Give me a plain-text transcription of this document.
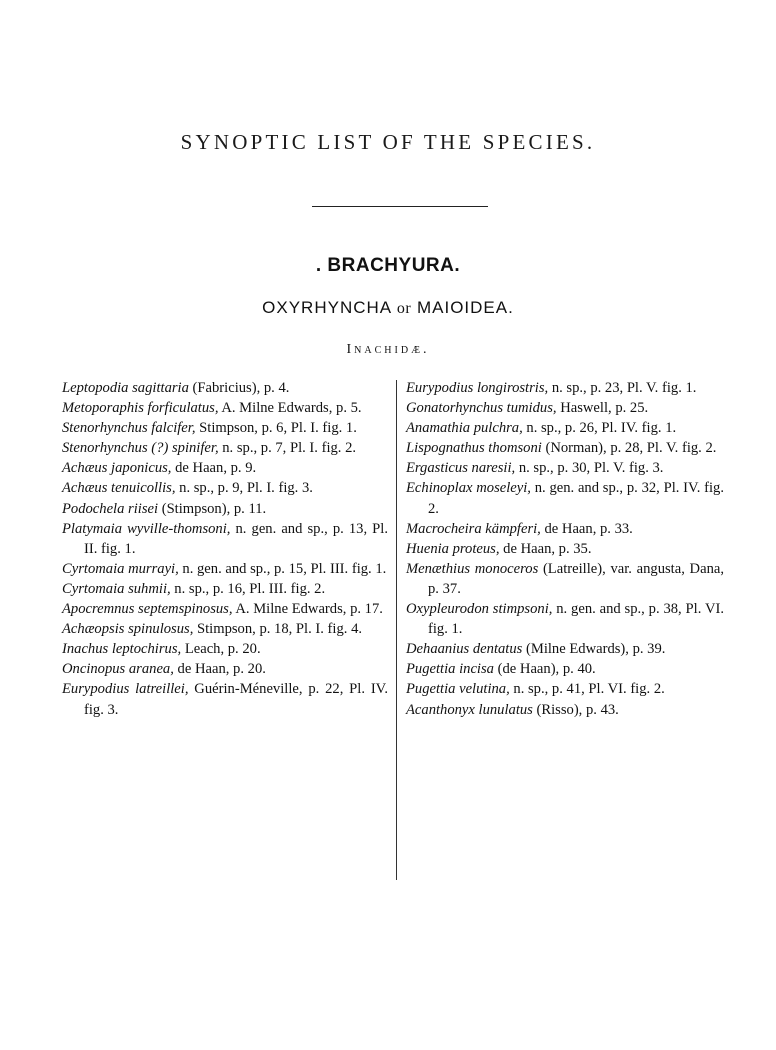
SYNOPTIC LIST OF THE SPECIES.
. BRACHYURA.
OXYRHYNCHA or MAIOIDEA.
Inachidæ.
Leptopodia sagittaria (Fabricius), p. 4.
Metoporaphis forficulatus, A. Milne Edwards, p. 5.
Stenorhynchus falcifer, Stimpson, p. 6, Pl. I. fig. 1.
Stenorhynchus (?) spinifer, n. sp., p. 7, Pl. I. fig. 2.
Achæus japonicus, de Haan, p. 9.
Achæus tenuicollis, n. sp., p. 9, Pl. I. fig. 3.
Podochela riisei (Stimpson), p. 11.
Platymaia wyville-thomsoni, n. gen. and sp., p. 13, Pl. II. fig. 1.
Cyrtomaia murrayi, n. gen. and sp., p. 15, Pl. III. fig. 1.
Cyrtomaia suhmii, n. sp., p. 16, Pl. III. fig. 2.
Apocremnus septemspinosus, A. Milne Edwards, p. 17.
Achæopsis spinulosus, Stimpson, p. 18, Pl. I. fig. 4.
Inachus leptochirus, Leach, p. 20.
Oncinopus aranea, de Haan, p. 20.
Eurypodius latreillei, Guérin-Méneville, p. 22, Pl. IV. fig. 3.
Eurypodius longirostris, n. sp., p. 23, Pl. V. fig. 1.
Gonatorhynchus tumidus, Haswell, p. 25.
Anamathia pulchra, n. sp., p. 26, Pl. IV. fig. 1.
Lispognathus thomsoni (Norman), p. 28, Pl. V. fig. 2.
Ergasticus naresii, n. sp., p. 30, Pl. V. fig. 3.
Echinoplax moseleyi, n. gen. and sp., p. 32, Pl. IV. fig. 2.
Macrocheira kämpferi, de Haan, p. 33.
Huenia proteus, de Haan, p. 35.
Menæthius monoceros (Latreille), var. angusta, Dana, p. 37.
Oxypleurodon stimpsoni, n. gen. and sp., p. 38, Pl. VI. fig. 1.
Dehaanius dentatus (Milne Edwards), p. 39.
Pugettia incisa (de Haan), p. 40.
Pugettia velutina, n. sp., p. 41, Pl. VI. fig. 2.
Acanthonyx lunulatus (Risso), p. 43.
